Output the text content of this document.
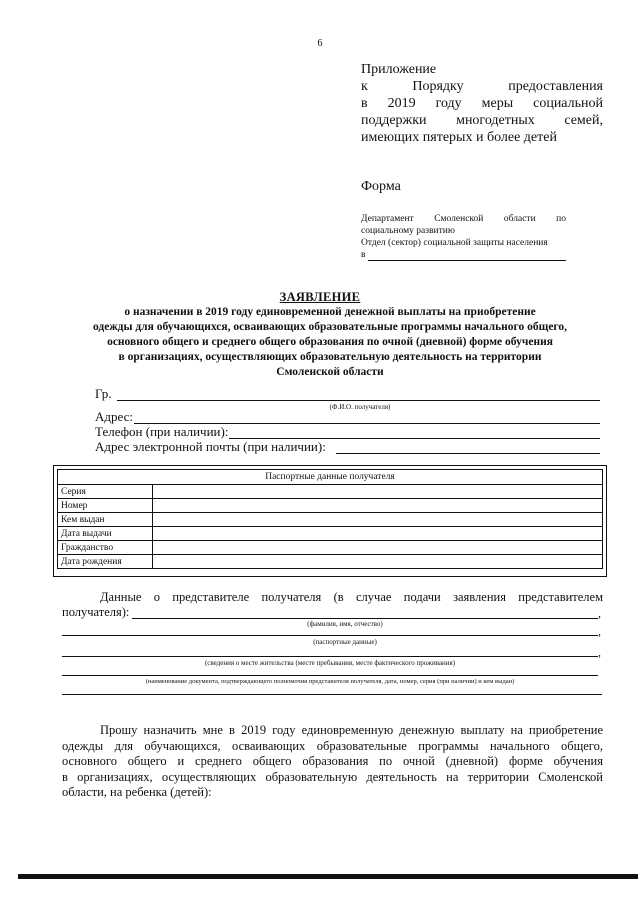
6
Приложение
к Порядку предоставления
в 2019 году меры социальной
поддержки многодетных семей,
имеющих пятерых и более детей
Форма
Департамент Смоленской области по
социальному развитию
Отдел (сектор) социальной защиты населения
в
ЗАЯВЛЕНИЕ
о назначении в 2019 году единовременной денежной выплаты на приобретение
одежды для обучающихся, осваивающих образовательные программы начального общего,
основного общего и среднего общего образования по очной (дневной) форме обучения
в организациях, осуществляющих образовательную деятельность на территории
Смоленской области
Гр.
(Ф.И.О. получателя)
Адрес:
Телефон (при наличии):
Адрес электронной почты (при наличии):
Паспортные данные получателя	
Серия	
Номер	
Кем выдан	
Дата выдачи	
Гражданство	
Дата рождения	
Данные о представителе получателя (в случае подачи заявления представителем
получателя):	,
(фамилия, имя, отчество)	,
(паспортные данные)
,
(сведения о месте жительства (месте пребывания, месте фактического проживания)
(наименование документа, подтверждающего полномочия представителя получателя, дата, номер, серия (при наличии) и кем выдан)
Прошу назначить мне в 2019 году единовременную денежную выплату на приобретение
одежды для обучающихся, осваивающих образовательные программы начального общего,
основного общего и среднего общего образования по очной (дневной) форме обучения
в организациях, осуществляющих образовательную деятельность на территории Смоленской
области, на ребенка (детей):
